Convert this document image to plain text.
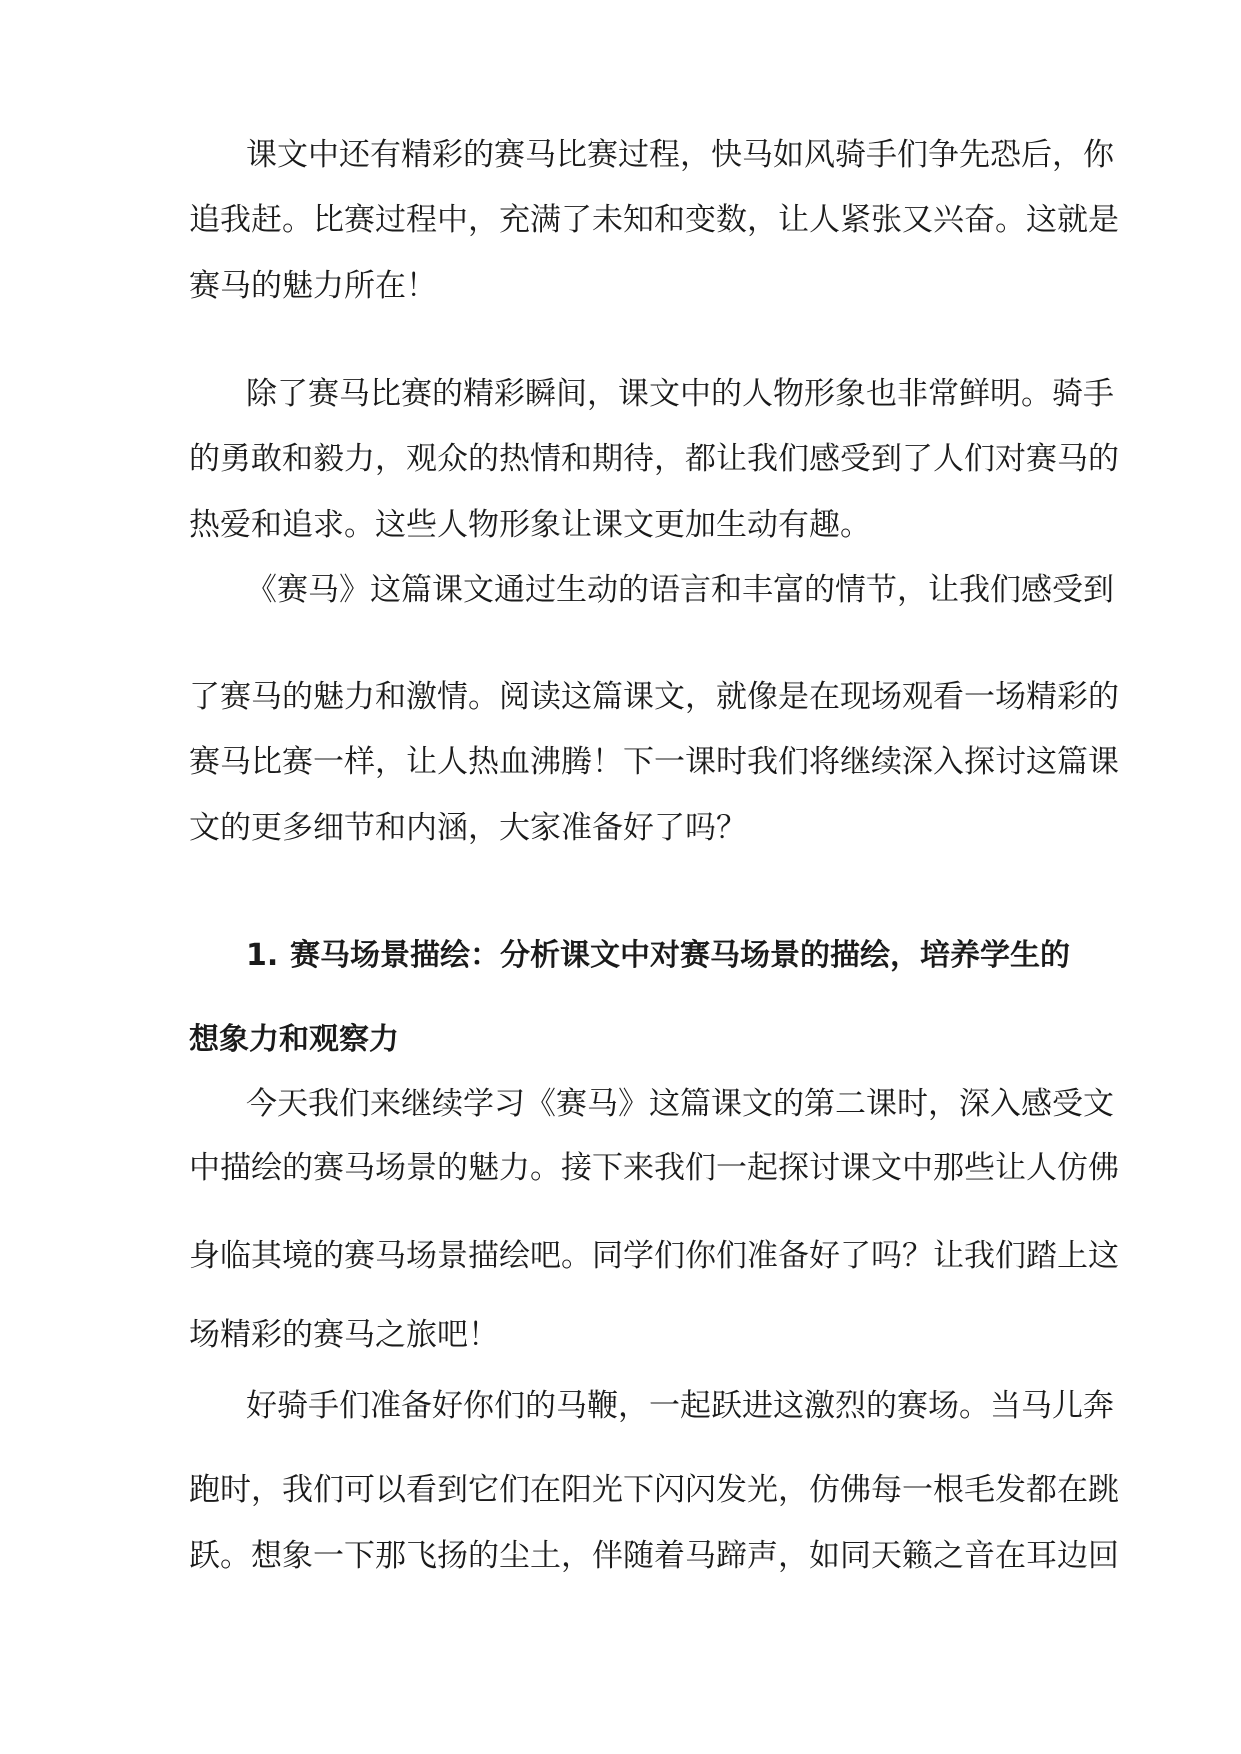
课文中还有精彩的赛马比赛过程，快马如风骑手们争先恐后，你
追我赶。比赛过程中，充满了未知和变数，让人紧张又兴奋。这就是
赛马的魅力所在！
除了赛马比赛的精彩瞬间，课文中的人物形象也非常鲜明。骑手
的勇敢和毅力，观众的热情和期待，都让我们感受到了人们对赛马的
热爱和追求。这些人物形象让课文更加生动有趣。
《赛马》这篇课文通过生动的语言和丰富的情节，让我们感受到
了赛马的魅力和激情。阅读这篇课文，就像是在现场观看一场精彩的
赛马比赛一样，让人热血沸腾！下一课时我们将继续深入探讨这篇课
文的更多细节和内涵，大家准备好了吗？
1. 赛马场景描绘：分析课文中对赛马场景的描绘，培养学生的
想象力和观察力
今天我们来继续学习《赛马》这篇课文的第二课时，深入感受文
中描绘的赛马场景的魅力。接下来我们一起探讨课文中那些让人仿佛
身临其境的赛马场景描绘吧。同学们你们准备好了吗？让我们踏上这
场精彩的赛马之旅吧！
好骑手们准备好你们的马鞭，一起跃进这激烈的赛场。当马儿奔
跑时，我们可以看到它们在阳光下闪闪发光，仿佛每一根毛发都在跳
跃。想象一下那飞扬的尘土，伴随着马蹄声，如同天籁之音在耳边回
